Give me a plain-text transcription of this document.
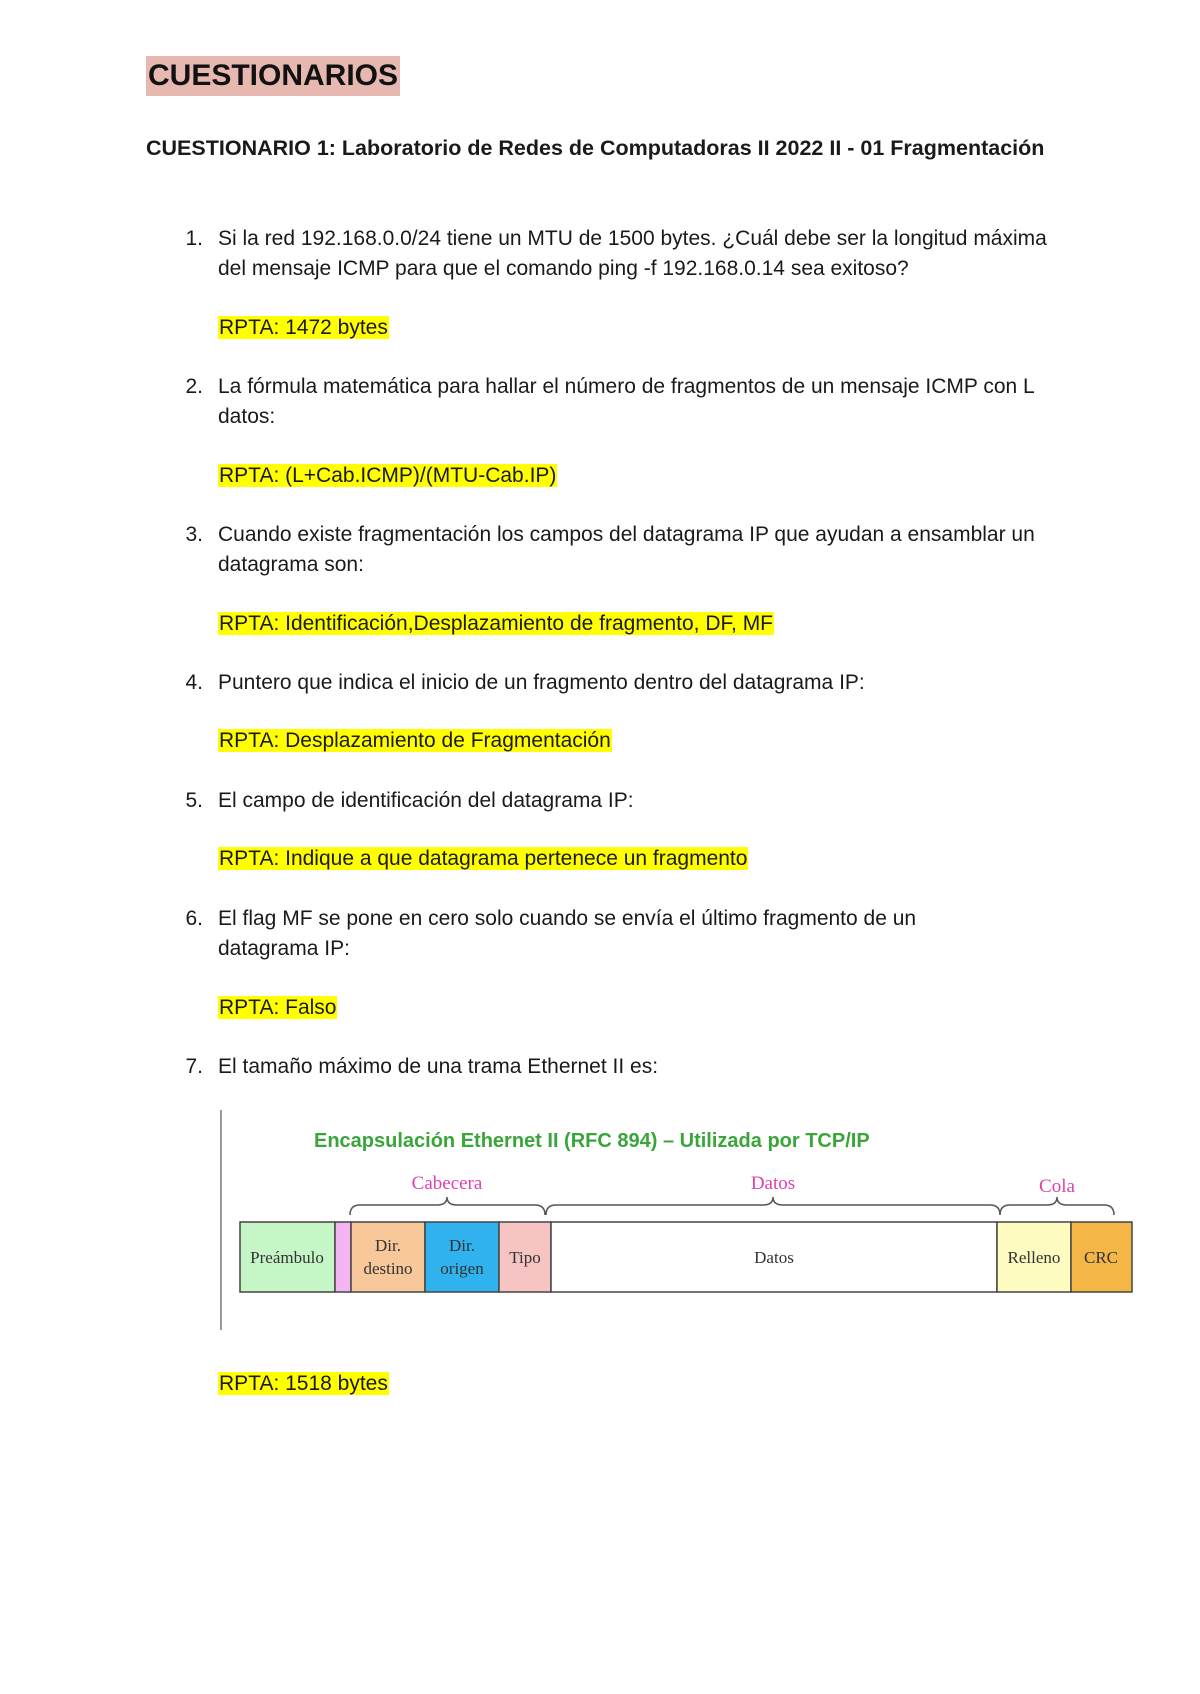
CUESTIONARIOS
CUESTIONARIO 1: Laboratorio de Redes de Computadoras II 2022 II - 01 Fragmentación
1. Si la red 192.168.0.0/24 tiene un MTU de 1500 bytes. ¿Cuál debe ser la longitud máxima del mensaje ICMP para que el comando ping -f 192.168.0.14 sea exitoso?
RPTA: 1472 bytes
2. La fórmula matemática para hallar el número de fragmentos de un mensaje ICMP con L datos:
RPTA: (L+Cab.ICMP)/(MTU-Cab.IP)
3. Cuando existe fragmentación los campos del datagrama IP que ayudan a ensamblar un datagrama son:
RPTA: Identificación,Desplazamiento de fragmento, DF, MF
4. Puntero que indica el inicio de un fragmento dentro del datagrama IP:
RPTA: Desplazamiento de Fragmentación
5. El campo de identificación del datagrama IP:
RPTA: Indique a que datagrama pertenece un fragmento
6. El flag MF se pone en cero solo cuando se envía el último fragmento de un datagrama IP:
RPTA: Falso
7. El tamaño máximo de una trama Ethernet II es:
Encapsulación Ethernet II (RFC 894) – Utilizada por TCP/IP
Cabecera	Datos	Cola
Preámbulo
Dir.
destino
Dir.
origen
Tipo	Datos	Relleno CRC
RPTA: 1518 bytes
